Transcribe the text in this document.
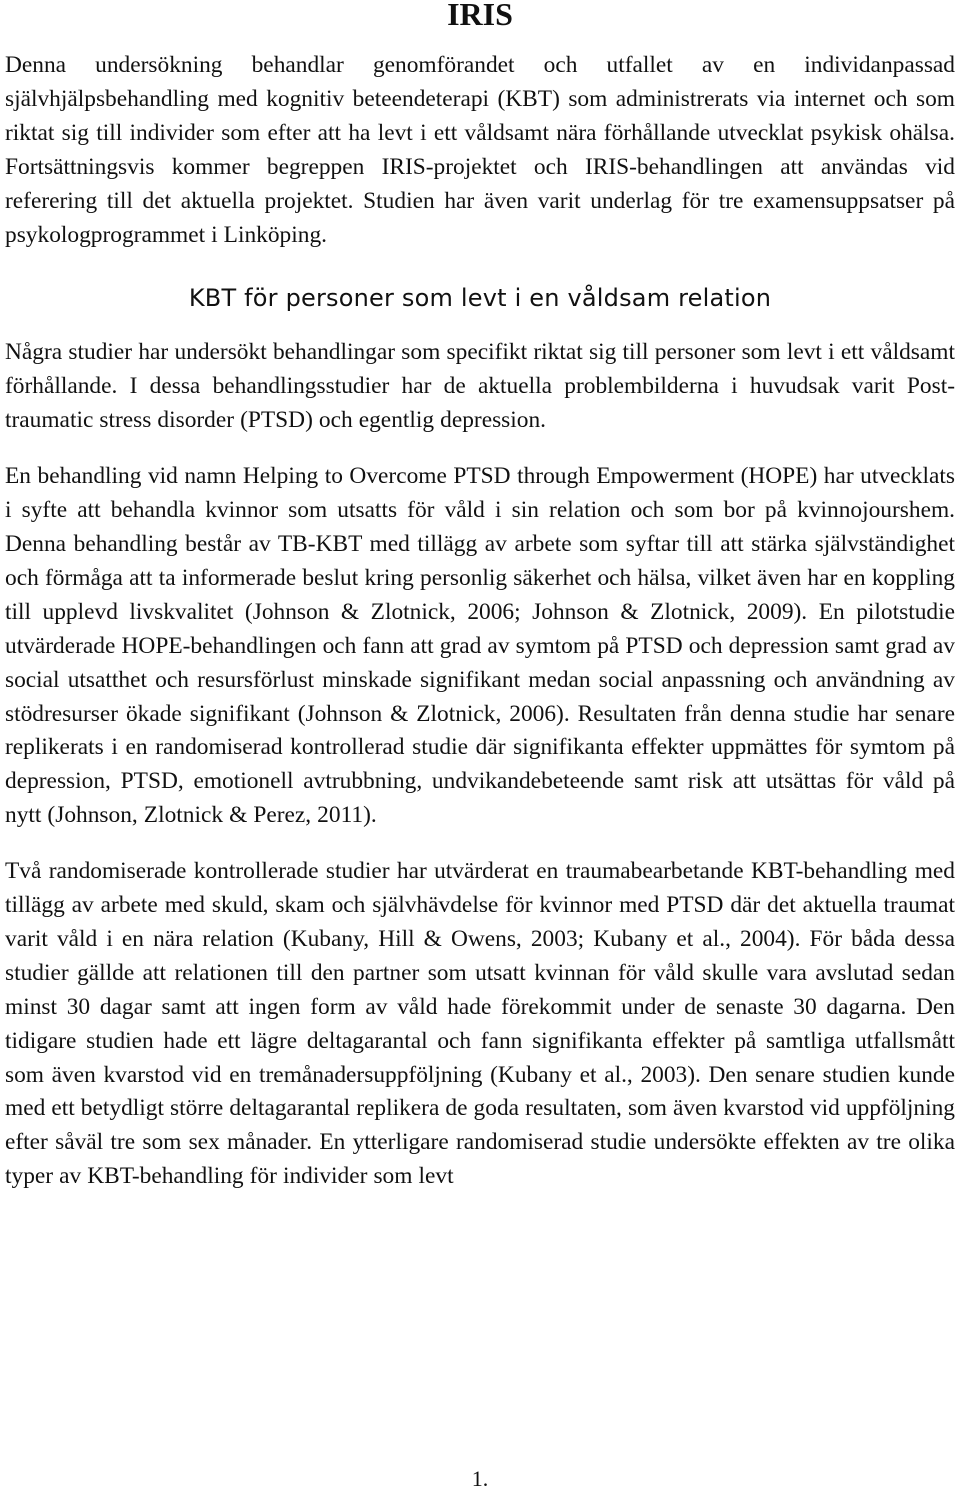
IRIS

Denna undersökning behandlar genomförandet och utfallet av en individanpassad självhjälpsbehandling med kognitiv beteendeterapi (KBT) som administrerats via internet och som riktat sig till individer som efter att ha levt i ett våldsamt nära förhållande utvecklat psykisk ohälsa. Fortsättningsvis kommer begreppen IRIS-projektet och IRIS-behandlingen att användas vid referering till det aktuella projektet. Studien har även varit underlag för tre examensuppsatser på psykologprogrammet i Linköping.

KBT för personer som levt i en våldsam relation

Några studier har undersökt behandlingar som specifikt riktat sig till personer som levt i ett våldsamt förhållande. I dessa behandlingsstudier har de aktuella problembilderna i huvudsak varit Post-traumatic stress disorder (PTSD) och egentlig depression.

En behandling vid namn Helping to Overcome PTSD through Empowerment (HOPE) har utvecklats i syfte att behandla kvinnor som utsatts för våld i sin relation och som bor på kvinnojourshem. Denna behandling består av TB-KBT med tillägg av arbete som syftar till att stärka självständighet och förmåga att ta informerade beslut kring personlig säkerhet och hälsa, vilket även har en koppling till upplevd livskvalitet (Johnson & Zlotnick, 2006; Johnson & Zlotnick, 2009). En pilotstudie utvärderade HOPE-behandlingen och fann att grad av symtom på PTSD och depression samt grad av social utsatthet och resursförlust minskade signifikant medan social anpassning och användning av stödresurser ökade signifikant (Johnson & Zlotnick, 2006). Resultaten från denna studie har senare replikerats i en randomiserad kontrollerad studie där signifikanta effekter uppmättes för symtom på depression, PTSD, emotionell avtrubbning, undvikandebeteende samt risk att utsättas för våld på nytt (Johnson, Zlotnick & Perez, 2011).

Två randomiserade kontrollerade studier har utvärderat en traumabearbetande KBT-behandling med tillägg av arbete med skuld, skam och självhävdelse för kvinnor med PTSD där det aktuella traumat varit våld i en nära relation (Kubany, Hill & Owens, 2003; Kubany et al., 2004). För båda dessa studier gällde att relationen till den partner som utsatt kvinnan för våld skulle vara avslutad sedan minst 30 dagar samt att ingen form av våld hade förekommit under de senaste 30 dagarna. Den tidigare studien hade ett lägre deltagarantal och fann signifikanta effekter på samtliga utfallsmått som även kvarstod vid en tremånadersuppföljning (Kubany et al., 2003). Den senare studien kunde med ett betydligt större deltagarantal replikera de goda resultaten, som även kvarstod vid uppföljning efter såväl tre som sex månader. En ytterligare randomiserad studie undersökte effekten av tre olika typer av KBT-behandling för individer som levt

1.
